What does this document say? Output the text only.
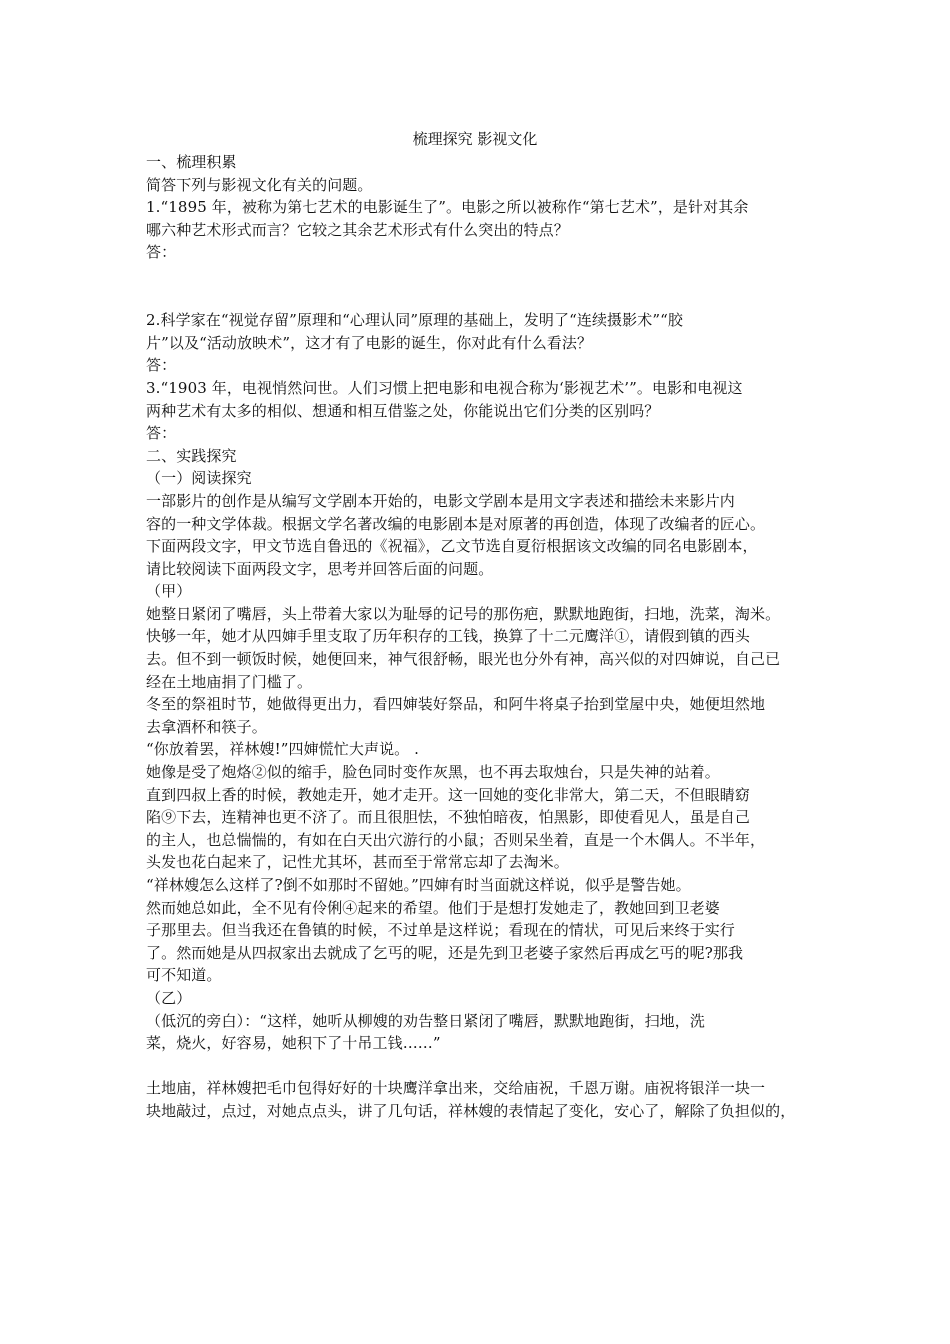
梳理探究 影视文化
一、梳理积累
简答下列与影视文化有关的问题。
1.“1895 年，被称为第七艺术的电影诞生了”。电影之所以被称作“第七艺术”，是针对其余
哪六种艺术形式而言？它较之其余艺术形式有什么突出的特点？
答：
2.科学家在“视觉存留”原理和“心理认同”原理的基础上，发明了“连续摄影术”“胶
片”以及“活动放映术”，这才有了电影的诞生，你对此有什么看法？
答：
3.“1903 年，电视悄然问世。人们习惯上把电影和电视合称为‘影视艺术’”。电影和电视这
两种艺术有太多的相似、想通和相互借鉴之处，你能说出它们分类的区别吗？
答：
二、实践探究
（一）阅读探究
一部影片的创作是从编写文学剧本开始的，电影文学剧本是用文字表述和描绘未来影片内
容的一种文学体裁。根据文学名著改编的电影剧本是对原著的再创造，体现了改编者的匠心。
下面两段文字，甲文节选自鲁迅的《祝福》，乙文节选自夏衍根据该文改编的同名电影剧本，
请比较阅读下面两段文字，思考并回答后面的问题。
（甲）
她整日紧闭了嘴唇，头上带着大家以为耻辱的记号的那伤疤，默默地跑街，扫地，洗菜，淘米。
快够一年，她才从四婶手里支取了历年积存的工钱，换算了十二元鹰洋①，请假到镇的西头
去。但不到一顿饭时候，她便回来，神气很舒畅，眼光也分外有神，高兴似的对四婶说，自己已
经在土地庙捐了门槛了。
冬至的祭祖时节，她做得更出力，看四婶装好祭品，和阿牛将桌子抬到堂屋中央，她便坦然地
去拿酒杯和筷子。
“你放着罢，祥林嫂!”四婶慌忙大声说。 .
她像是受了炮烙②似的缩手，脸色同时变作灰黑，也不再去取烛台，只是失神的站着。
直到四叔上香的时候，教她走开，她才走开。这一回她的变化非常大，第二天，不但眼睛窈
陷⑨下去，连精神也更不济了。而且很胆怯，不独怕暗夜，怕黑影，即使看见人，虽是自己
的主人，也总惴惴的，有如在白天出穴游行的小鼠；否则呆坐着，直是一个木偶人。不半年，
头发也花白起来了，记性尤其坏，甚而至于常常忘却了去淘米。
“祥林嫂怎么这样了?倒不如那时不留她。”四婶有时当面就这样说，似乎是警告她。
然而她总如此，全不见有伶俐④起来的希望。他们于是想打发她走了，教她回到卫老婆
子那里去。但当我还在鲁镇的时候，不过单是这样说；看现在的情状，可见后来终于实行
了。然而她是从四叔家出去就成了乞丐的呢，还是先到卫老婆子家然后再成乞丐的呢?那我
可不知道。
（乙）
（低沉的旁白）：“这样，她听从柳嫂的劝告整日紧闭了嘴唇，默默地跑街，扫地，洗
菜，烧火，好容易，她积下了十吊工钱……”
土地庙，祥林嫂把毛巾包得好好的十块鹰洋拿出来，交给庙祝，千恩万谢。庙祝将银洋一块一
块地敲过，点过，对她点点头，讲了几句话，祥林嫂的表情起了变化，安心了，解除了负担似的，
